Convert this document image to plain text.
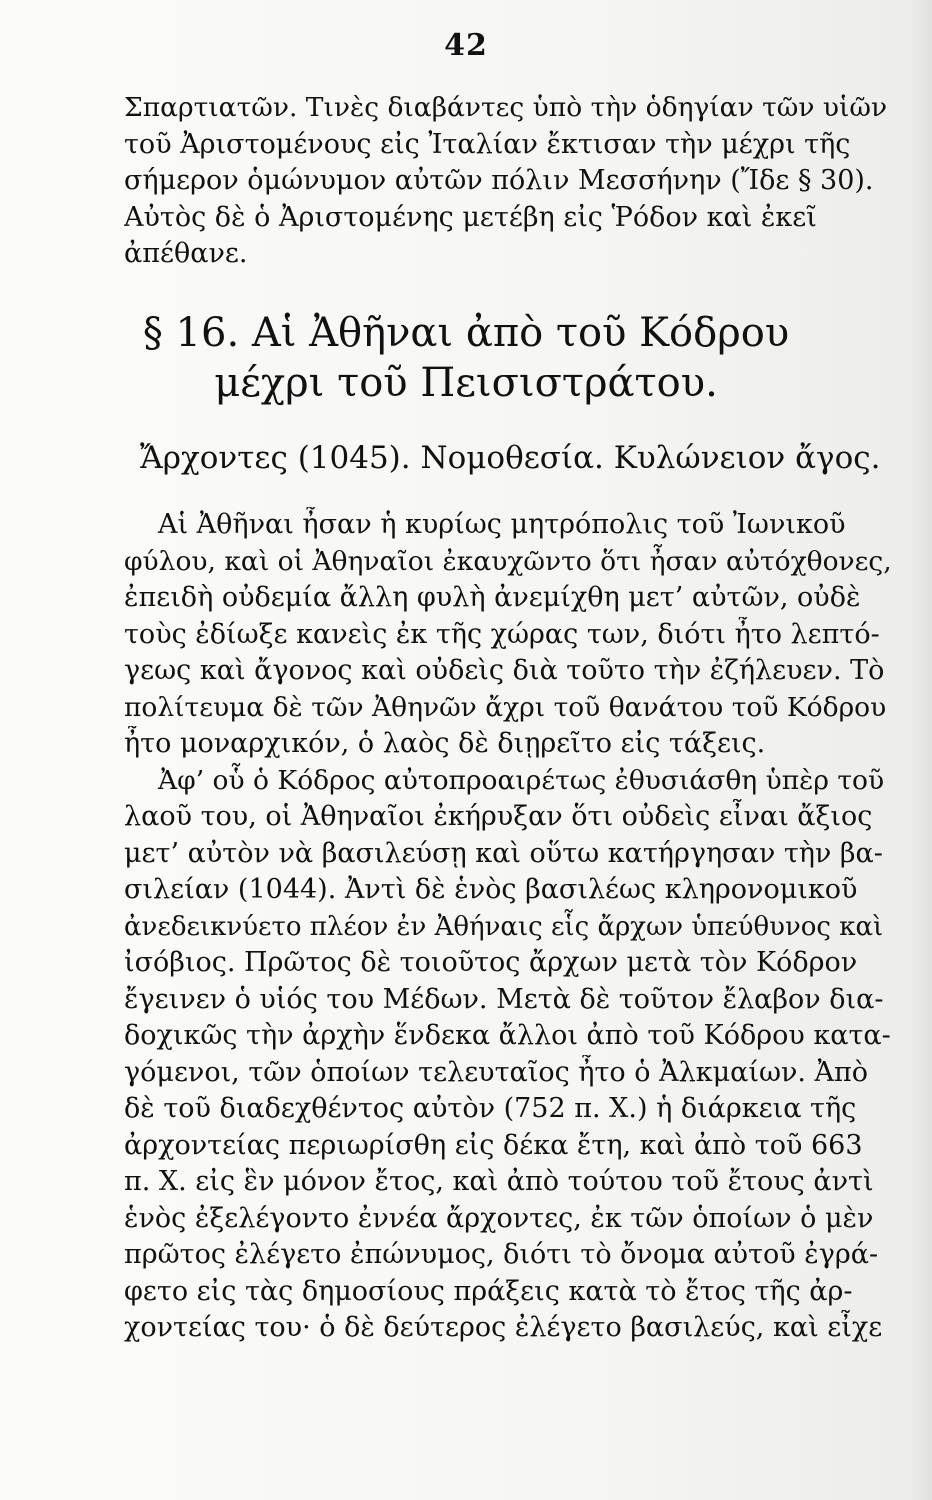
42
Σπαρτιατῶν. Τινὲς διαβάντες ὑπὸ τὴν ὁδηγίαν τῶν υἱῶν
τοῦ Ἀριστομένους εἰς Ἰταλίαν ἔκτισαν τὴν μέχρι τῆς
σήμερον ὁμώνυμον αὐτῶν πόλιν Μεσσήνην (Ἴδε § 30).
Αὐτὸς δὲ ὁ Ἀριστομένης μετέβη εἰς Ῥόδον καὶ ἐκεῖ
ἀπέθανε.
§ 16. Αἱ Ἀθῆναι ἀπὸ τοῦ Κόδρου
μέχρι τοῦ Πεισιστράτου.
Ἄρχοντες (1045). Νομοθεσία. Κυλώνειον ἄγος.
Αἱ Ἀθῆναι ἦσαν ἡ κυρίως μητρόπολις τοῦ Ἰωνικοῦ
φύλου, καὶ οἱ Ἀθηναῖοι ἐκαυχῶντο ὅτι ἦσαν αὐτόχθονες,
ἐπειδὴ οὐδεμία ἄλλη φυλὴ ἀνεμίχθη μετ’ αὐτῶν, οὐδὲ
τοὺς ἐδίωξε κανεὶς ἐκ τῆς χώρας των, διότι ἦτο λεπτό-
γεως καὶ ἄγονος καὶ οὐδεὶς διὰ τοῦτο τὴν ἐζήλευεν. Τὸ
πολίτευμα δὲ τῶν Ἀθηνῶν ἄχρι τοῦ θανάτου τοῦ Κόδρου
ἦτο μοναρχικόν, ὁ λαὸς δὲ διῃρεῖτο εἰς τάξεις.
Ἀφ’ οὗ ὁ Κόδρος αὐτοπροαιρέτως ἐθυσιάσθη ὑπὲρ τοῦ
λαοῦ του, οἱ Ἀθηναῖοι ἐκήρυξαν ὅτι οὐδεὶς εἶναι ἄξιος
μετ’ αὐτὸν νὰ βασιλεύσῃ καὶ οὕτω κατήργησαν τὴν βα-
σιλείαν (1044). Ἀντὶ δὲ ἑνὸς βασιλέως κληρονομικοῦ
ἀνεδεικνύετο πλέον ἐν Ἀθήναις εἷς ἄρχων ὑπεύθυνος καὶ
ἰσόβιος. Πρῶτος δὲ τοιοῦτος ἄρχων μετὰ τὸν Κόδρον
ἔγεινεν ὁ υἱός του Μέδων. Μετὰ δὲ τοῦτον ἔλαβον δια-
δοχικῶς τὴν ἀρχὴν ἕνδεκα ἄλλοι ἀπὸ τοῦ Κόδρου κατα-
γόμενοι, τῶν ὁποίων τελευταῖος ἦτο ὁ Ἀλκμαίων. Ἀπὸ
δὲ τοῦ διαδεχθέντος αὐτὸν (752 π. Χ.) ἡ διάρκεια τῆς
ἀρχοντείας περιωρίσθη εἰς δέκα ἔτη, καὶ ἀπὸ τοῦ 663
π. Χ. εἰς ἓν μόνον ἔτος, καὶ ἀπὸ τούτου τοῦ ἔτους ἀντὶ
ἑνὸς ἐξελέγοντο ἐννέα ἄρχοντες, ἐκ τῶν ὁποίων ὁ μὲν
πρῶτος ἐλέγετο ἐπώνυμος, διότι τὸ ὄνομα αὐτοῦ ἐγρά-
φετο εἰς τὰς δημοσίους πράξεις κατὰ τὸ ἔτος τῆς ἀρ-
χοντείας του· ὁ δὲ δεύτερος ἐλέγετο βασιλεύς, καὶ εἶχε
